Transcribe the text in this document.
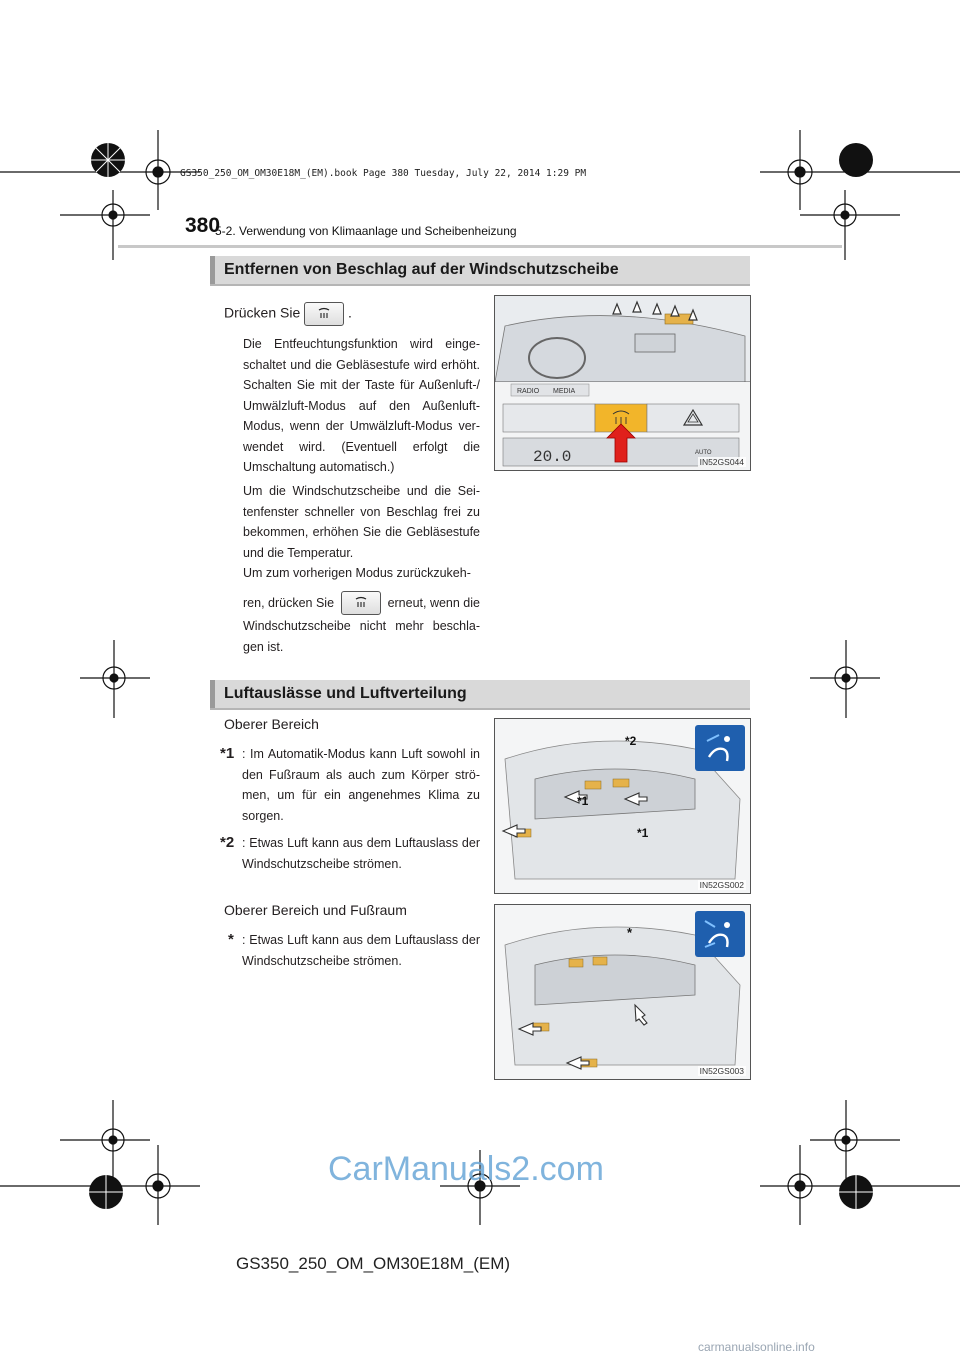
GS350_250_OM_OM30E18M_(EM).book Page 380 Tuesday, July 22, 2014 1:29 PM
380
5-2. Verwendung von Klimaanlage und Scheibenheizung
Entfernen von Beschlag auf der Windschutzscheibe
Drücken Sie	.
Die Entfeuchtungsfunktion wird einge-schaltet und die Gebläsestufe wird erhöht. Schalten Sie mit der Taste für Außenluft-/ Umwälzluft-Modus auf den Außenluft-Modus, wenn der Umwälzluft-Modus ver-wendet wird. (Eventuell erfolgt die Umschaltung automatisch.)
Um die Windschutzscheibe und die Sei-tenfenster schneller von Beschlag frei zu bekommen, erhöhen Sie die Gebläsestufe und die Temperatur.
Um zum vorherigen Modus zurückzukeh-
ren, drücken Sie	erneut, wenn die
Windschutzscheibe nicht mehr beschla-gen ist.
RADIO MEDIA
20.0	AUTO
IN52GS044
Luftauslässe und Luftverteilung
Oberer Bereich
*1 : Im Automatik-Modus kann Luft sowohl in den Fußraum als auch zum Körper strö-men, um für ein angenehmes Klima zu sorgen.
*2 : Etwas Luft kann aus dem Luftauslass der Windschutzscheibe strömen.
*2
*1
*1
IN52GS002
Oberer Bereich und Fußraum
* : Etwas Luft kann aus dem Luftauslass der Windschutzscheibe strömen.
*
IN52GS003
CarManuals2.com
GS350_250_OM_OM30E18M_(EM)
carmanualsonline.info
